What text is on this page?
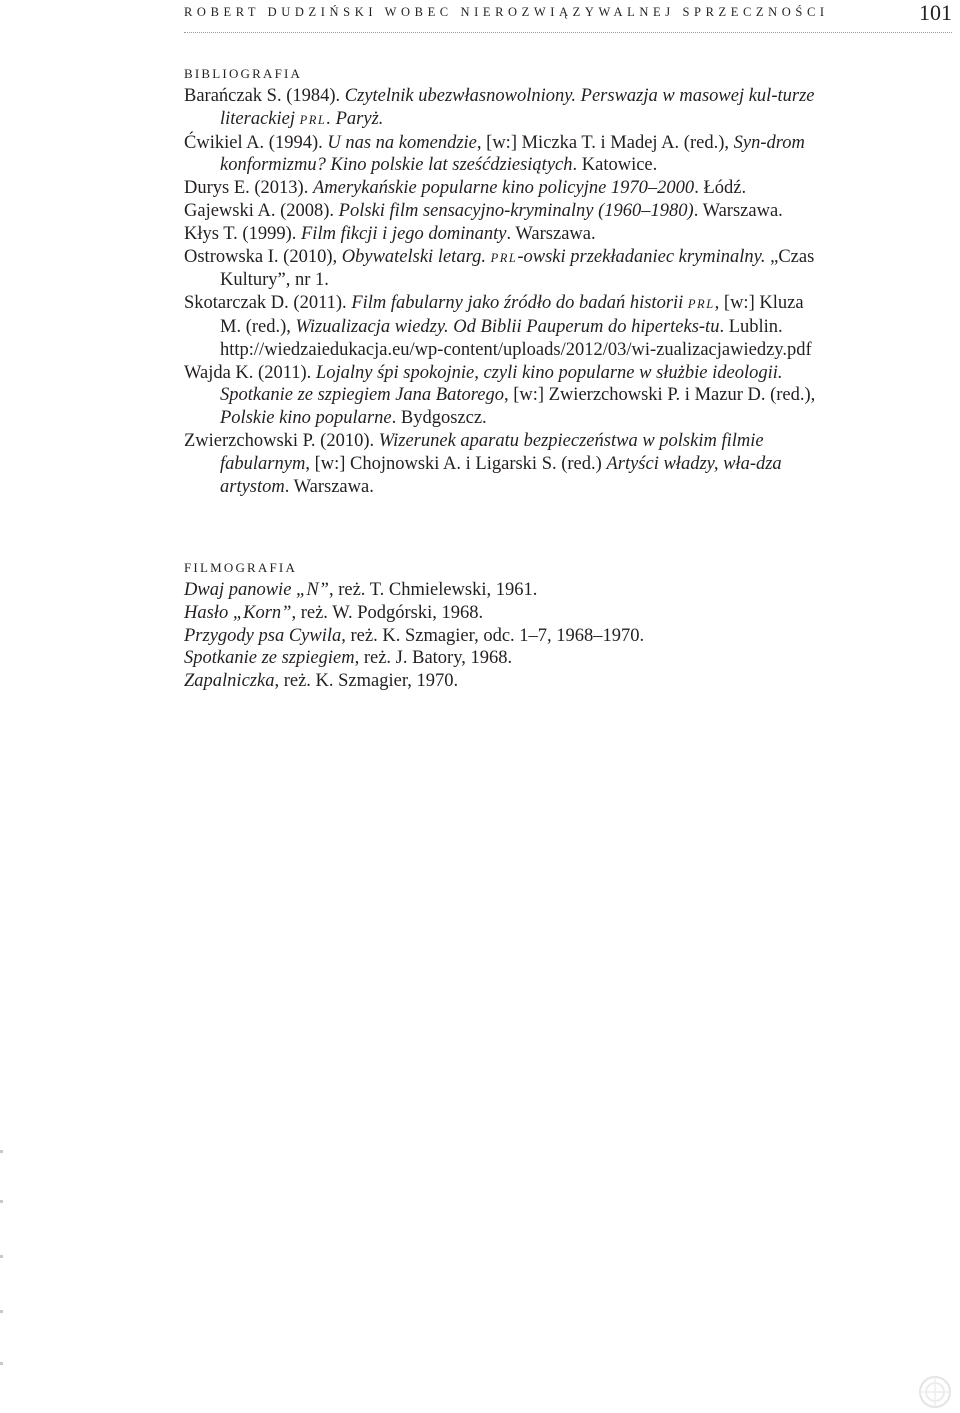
ROBERT DUDZIŃSKI WOBEC NIEROZWIĄZYWALNEJ SPRZECZNOŚCI	101
BIBLIOGRAFIA
Barańczak S. (1984). Czytelnik ubezwłasnowolniony. Perswazja w masowej kul-turze literackiej PRL. Paryż.
Ćwikiel A. (1994). U nas na komendzie, [w:] Miczka T. i Madej A. (red.), Syn-drom konformizmu? Kino polskie lat sześćdziesiątych. Katowice.
Durys E. (2013). Amerykańskie popularne kino policyjne 1970–2000. Łódź.
Gajewski A. (2008). Polski film sensacyjno-kryminalny (1960–1980). Warszawa.
Kłys T. (1999). Film fikcji i jego dominanty. Warszawa.
Ostrowska I. (2010), Obywatelski letarg. PRL-owski przekładaniec kryminalny. „Czas Kultury”, nr 1.
Skotarczak D. (2011). Film fabularny jako źródło do badań historii PRL, [w:] Kluza M. (red.), Wizualizacja wiedzy. Od Biblii Pauperum do hiperteks-tu. Lublin. http://wiedzaiedukacja.eu/wp-content/uploads/2012/03/wi-zualizacjawiedzy.pdf
Wajda K. (2011). Lojalny śpi spokojnie, czyli kino popularne w służbie ideologii. Spotkanie ze szpiegiem Jana Batorego, [w:] Zwierzchowski P. i Mazur D. (red.), Polskie kino popularne. Bydgoszcz.
Zwierzchowski P. (2010). Wizerunek aparatu bezpieczeństwa w polskim filmie fabularnym, [w:] Chojnowski A. i Ligarski S. (red.) Artyści władzy, wła-dza artystom. Warszawa.
FILMOGRAFIA
Dwaj panowie „N”, reż. T. Chmielewski, 1961.
Hasło „Korn”, reż. W. Podgórski, 1968.
Przygody psa Cywila, reż. K. Szmagier, odc. 1–7, 1968–1970.
Spotkanie ze szpiegiem, reż. J. Batory, 1968.
Zapalniczka, reż. K. Szmagier, 1970.
